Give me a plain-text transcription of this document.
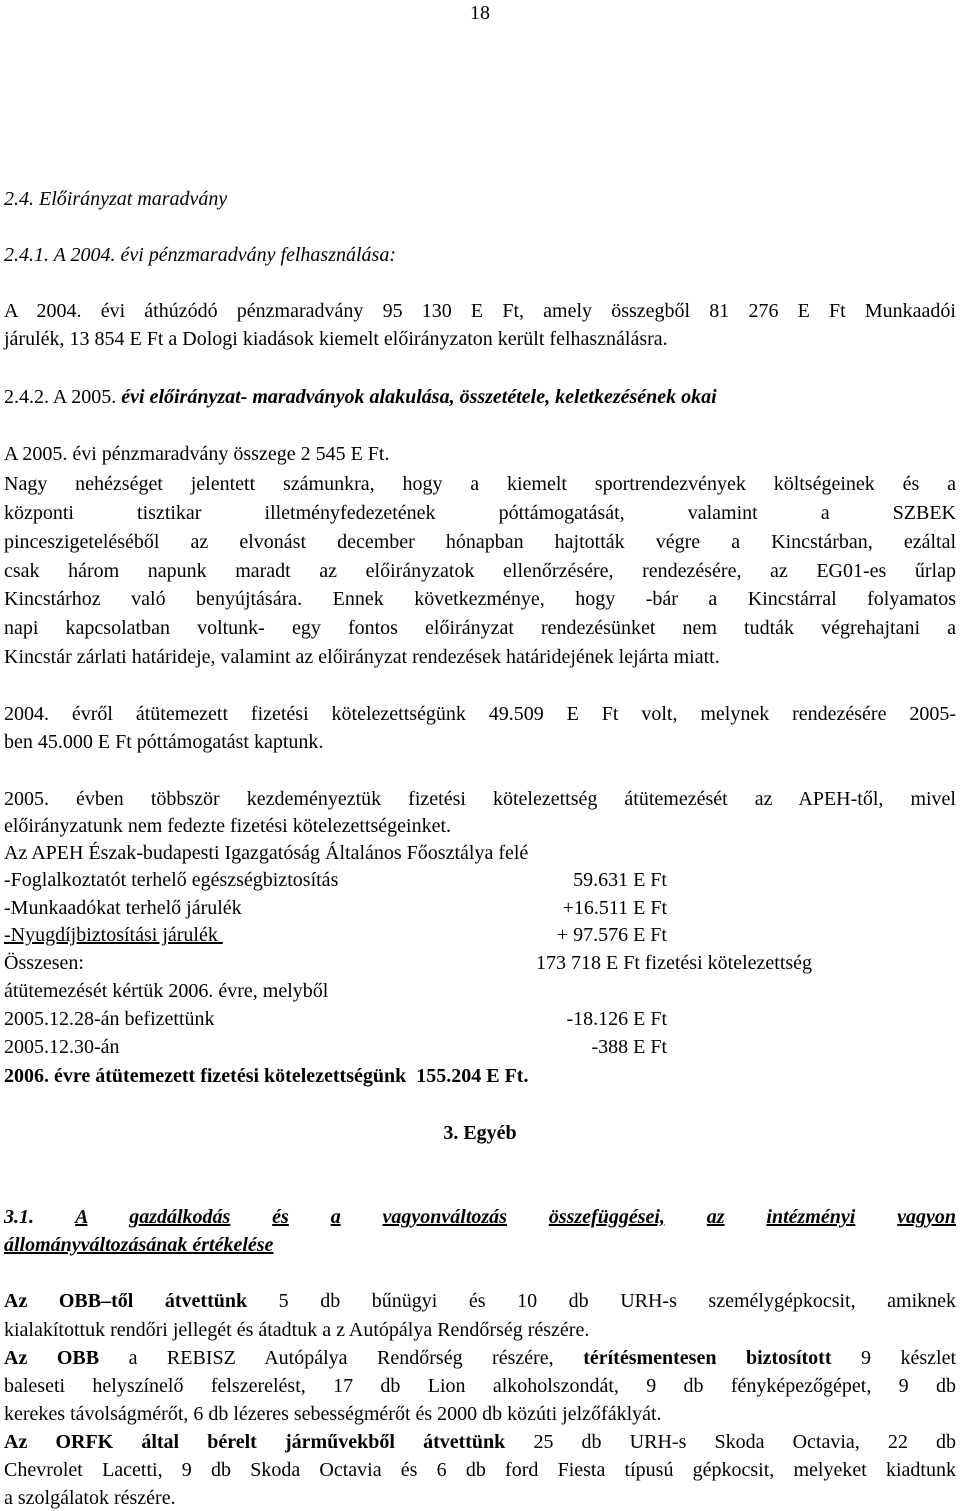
18
2.4. Előirányzat maradvány
2.4.1. A 2004. évi pénzmaradvány felhasználása:
A 2004. évi áthúzódó pénzmaradvány 95 130 E Ft, amely összegből 81 276 E Ft Munkaadói
járulék, 13 854 E Ft a Dologi kiadások kiemelt előirányzaton került felhasználásra.
2.4.2. A 2005. évi előirányzat- maradványok alakulása, összetétele, keletkezésének okai
A 2005. évi pénzmaradvány összege 2 545 E Ft.
Nagy nehézséget jelentett számunkra, hogy a kiemelt sportrendezvények költségeinek és a
központi tisztikar illetményfedezetének póttámogatását, valamint a SZBEK
pinceszigeteléséből az elvonást december hónapban hajtották végre a Kincstárban, ezáltal
csak három napunk maradt az előirányzatok ellenőrzésére, rendezésére, az EG01-es űrlap
Kincstárhoz való benyújtására. Ennek következménye, hogy -bár a Kincstárral folyamatos
napi kapcsolatban voltunk- egy fontos előirányzat rendezésünket nem tudták végrehajtani a
Kincstár zárlati határideje, valamint az előirányzat rendezések határidejének lejárta miatt.
2004. évről átütemezett fizetési kötelezettségünk 49.509 E Ft volt, melynek rendezésére 2005-
ben 45.000 E Ft póttámogatást kaptunk.
2005. évben többször kezdeményeztük fizetési kötelezettség átütemezését az APEH-től, mivel
előirányzatunk nem fedezte fizetési kötelezettségeinket.
Az APEH Észak-budapesti Igazgatóság Általános Főosztálya felé
-Foglalkoztatót terhelő egészségbiztosítás	59.631 E Ft
-Munkaadókat terhelő járulék	+16.511 E Ft
-Nyugdíjbiztosítási járulék	+ 97.576 E Ft
Összesen:	173 718 E Ft fizetési kötelezettség
átütemezését kértük 2006. évre, melyből
2005.12.28-án befizettünk	-18.126 E Ft
2005.12.30-án	-388 E Ft
2006. évre átütemezett fizetési kötelezettségünk 155.204 E Ft.
3. Egyéb
3.1. A gazdálkodás és a vagyonváltozás összefüggései, az intézményi vagyon
állományváltozásának értékelése
Az OBB–től átvettünk 5 db bűnügyi és 10 db URH-s személygépkocsit, amiknek
kialakítottuk rendőri jellegét és átadtuk a z Autópálya Rendőrség részére.
Az OBB a REBISZ Autópálya Rendőrség részére, térítésmentesen biztosított 9 készlet
baleseti helyszínelő felszerelést, 17 db Lion alkoholszondát, 9 db fényképezőgépet, 9 db
kerekes távolságmérőt, 6 db lézeres sebességmérőt és 2000 db közúti jelzőfáklyát.
Az ORFK által bérelt járművekből átvettünk 25 db URH-s Skoda Octavia, 22 db
Chevrolet Lacetti, 9 db Skoda Octavia és 6 db ford Fiesta típusú gépkocsit, melyeket kiadtunk
a szolgálatok részére.
